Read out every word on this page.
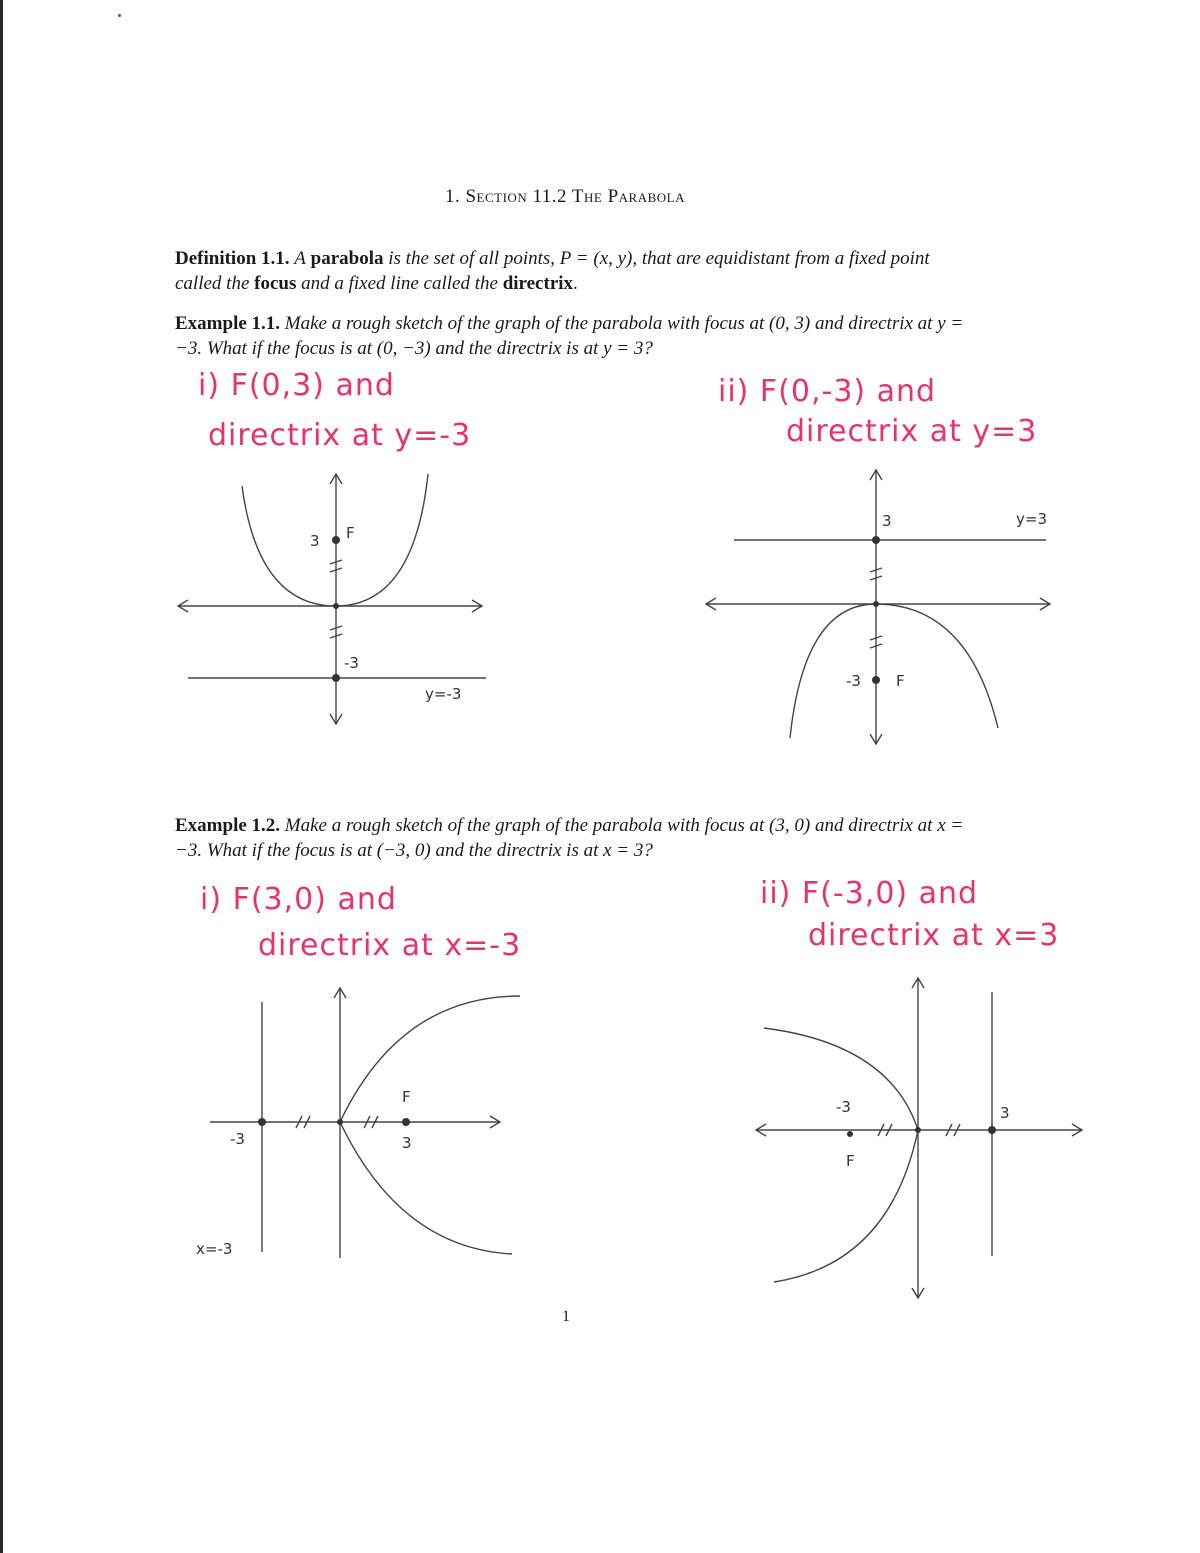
1. Section 11.2 The Parabola
Definition 1.1. A parabola is the set of all points, P = (x, y), that are equidistant from a fixed point called the focus and a fixed line called the directrix.
Example 1.1. Make a rough sketch of the graph of the parabola with focus at (0, 3) and directrix at y = −3. What if the focus is at (0, −3) and the directrix is at y = 3?
i) F(0,3) and
directrix at y=-3
ii) F(0,-3) and
directrix at y=3
3 F
-3
y=-3
3	y=3
-3 F
Example 1.2. Make a rough sketch of the graph of the parabola with focus at (3, 0) and directrix at x = −3. What if the focus is at (−3, 0) and the directrix is at x = 3?
i) F(3,0) and
directrix at x=-3
ii) F(-3,0) and
directrix at x=3
-3
F
3
x=-3
-3
F
3
1
